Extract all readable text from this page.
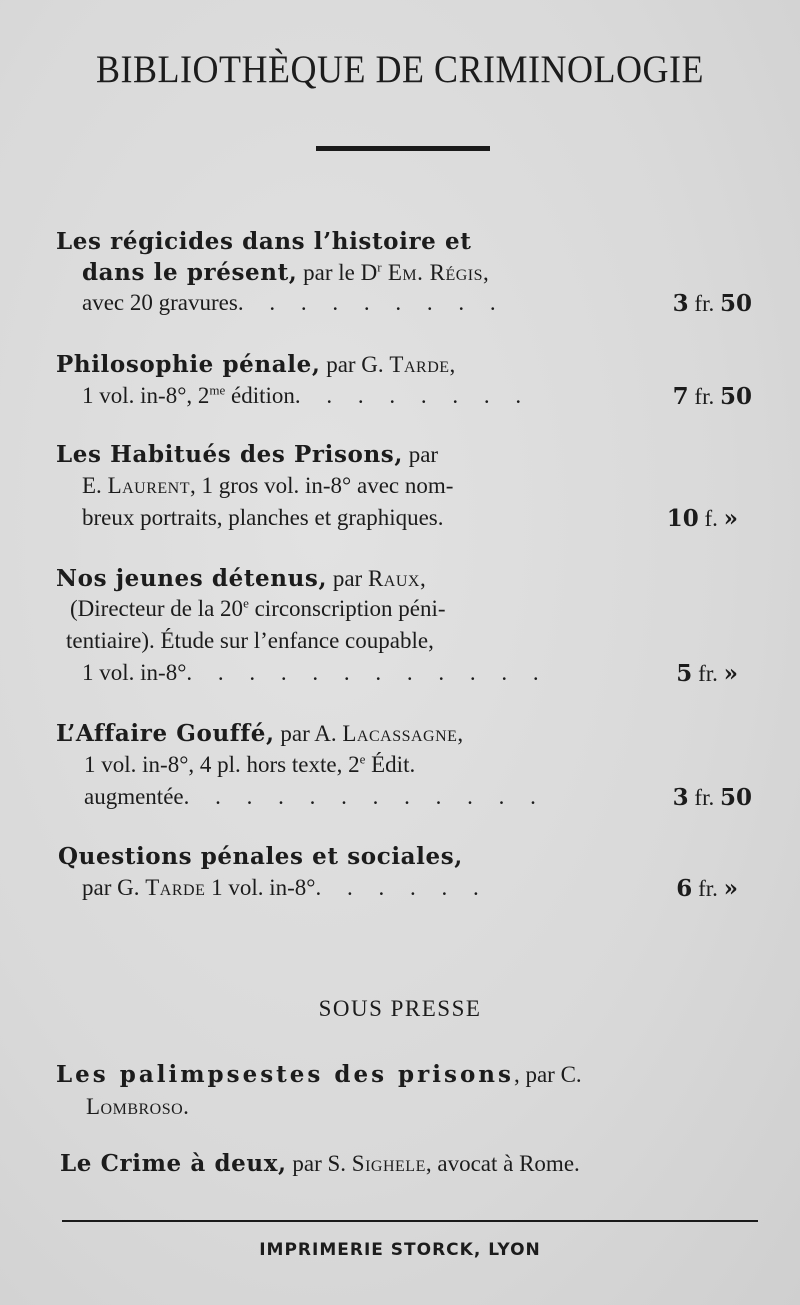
BIBLIOTHÈQUE DE CRIMINOLOGIE
Les régicides dans l’histoire et
dans le présent, par le $D^r$ Em. Régis,
avec 20 gravures. . . . . . . . .	3 fr. 50
Philosophie pénale, par G. Tarde,
1 vol. in-8°, $2^{me}$ édition. . . . . . . .	7 fr. 50
Les Habitués des Prisons, par
E. Laurent, 1 gros vol. in-8° avec nom-
breux portraits, planches et graphiques.	10 f. »
Nos jeunes détenus, par Raux,
(Directeur de la 20e circonscription péni-
tentiaire). Étude sur l’enfance coupable,
1 vol. in-8°. . . . . . . . . . . .	5 fr. »
L’Affaire Gouffé, par A. Lacassagne,
1 vol. in-8°, 4 pl. hors texte, 2e Édit.
augmentée. . . . . . . . . . . .	3 fr. 50
Questions pénales et sociales,
par G. Tarde 1 vol. in-8°. . . . . .	6 fr. »
SOUS PRESSE
Les palimpsestes des prisons, par C.
Lombroso.
Le Crime à deux, par S. Sighele, avocat à Rome.
IMPRIMERIE STORCK, LYON
